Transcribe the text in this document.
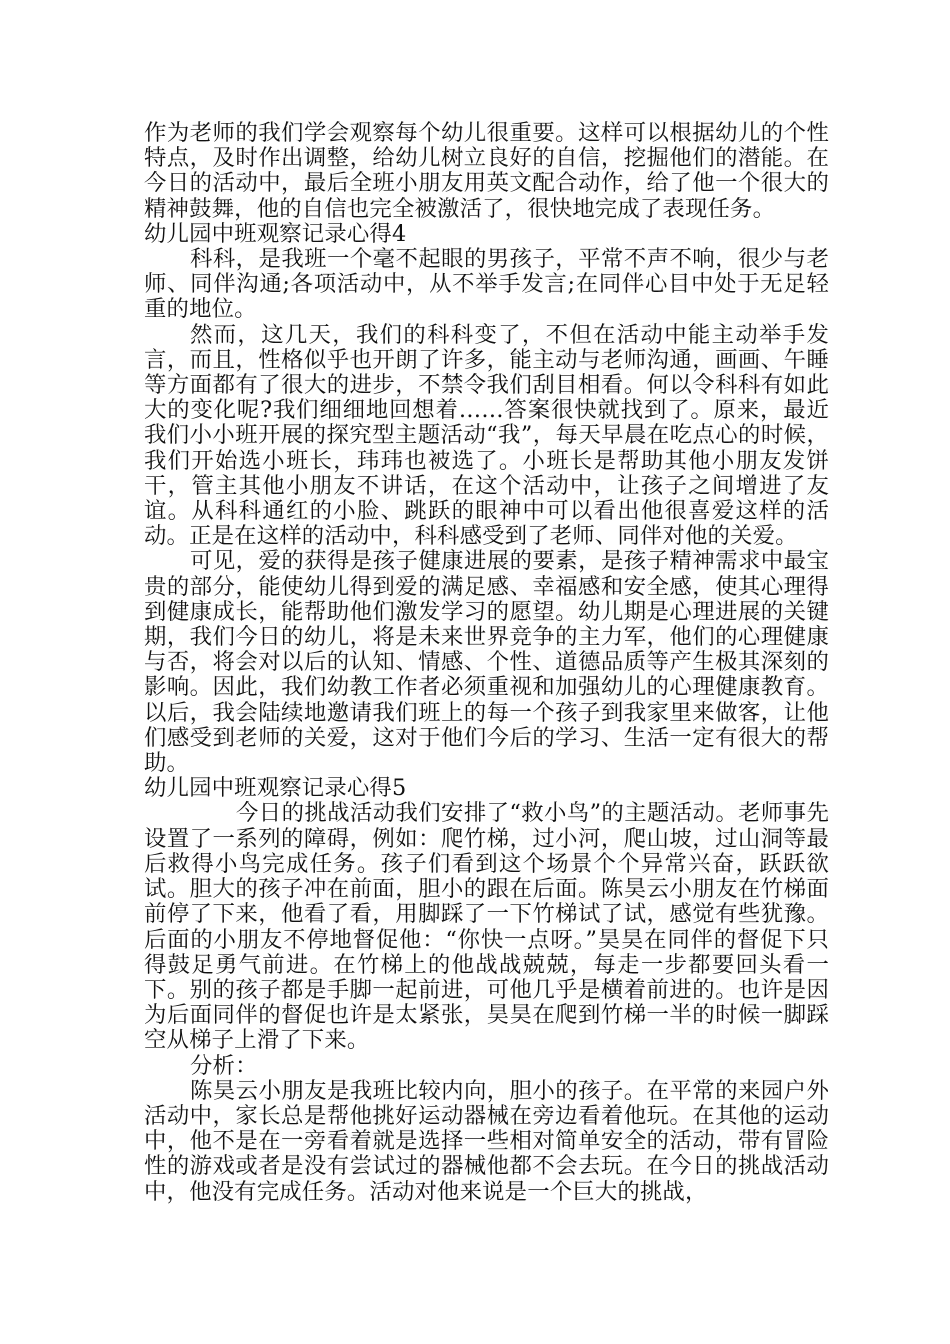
作为老师的我们学会观察每个幼儿很重要。这样可以根据幼儿的个性特点，及时作出调整，给幼儿树立良好的自信，挖掘他们的潜能。在今日的活动中，最后全班小朋友用英文配合动作，给了他一个很大的精神鼓舞，他的自信也完全被激活了，很快地完成了表现任务。

幼儿园中班观察记录心得4

科科，是我班一个毫不起眼的男孩子，平常不声不响，很少与老师、同伴沟通;各项活动中，从不举手发言;在同伴心目中处于无足轻重的地位。

然而，这几天，我们的科科变了，不但在活动中能主动举手发言，而且，性格似乎也开朗了许多，能主动与老师沟通，画画、午睡等方面都有了很大的进步，不禁令我们刮目相看。何以令科科有如此大的变化呢?我们细细地回想着……答案很快就找到了。原来，最近我们小小班开展的探究型主题活动“我”，每天早晨在吃点心的时候，我们开始选小班长，玮玮也被选了。小班长是帮助其他小朋友发饼干，管主其他小朋友不讲话，在这个活动中，让孩子之间增进了友谊。从科科通红的小脸、跳跃的眼神中可以看出他很喜爱这样的活动。正是在这样的活动中，科科感受到了老师、同伴对他的关爱。

可见，爱的获得是孩子健康进展的要素，是孩子精神需求中最宝贵的部分，能使幼儿得到爱的满足感、幸福感和安全感，使其心理得到健康成长，能帮助他们激发学习的愿望。幼儿期是心理进展的关键期，我们今日的幼儿，将是未来世界竞争的主力军，他们的心理健康与否，将会对以后的认知、情感、个性、道德品质等产生极其深刻的影响。因此，我们幼教工作者必须重视和加强幼儿的心理健康教育。以后，我会陆续地邀请我们班上的每一个孩子到我家里来做客，让他们感受到老师的关爱，这对于他们今后的学习、生活一定有很大的帮助。

幼儿园中班观察记录心得5

今日的挑战活动我们安排了“救小鸟”的主题活动。老师事先设置了一系列的障碍，例如：爬竹梯，过小河，爬山坡，过山洞等最后救得小鸟完成任务。孩子们看到这个场景个个异常兴奋，跃跃欲试。胆大的孩子冲在前面，胆小的跟在后面。陈昊云小朋友在竹梯面前停了下来，他看了看，用脚踩了一下竹梯试了试，感觉有些犹豫。后面的小朋友不停地督促他：“你快一点呀。”昊昊在同伴的督促下只得鼓足勇气前进。在竹梯上的他战战兢兢，每走一步都要回头看一下。别的孩子都是手脚一起前进，可他几乎是横着前进的。也许是因为后面同伴的督促也许是太紧张，昊昊在爬到竹梯一半的时候一脚踩空从梯子上滑了下来。

分析：

陈昊云小朋友是我班比较内向，胆小的孩子。在平常的来园户外活动中，家长总是帮他挑好运动器械在旁边看着他玩。在其他的运动中，他不是在一旁看着就是选择一些相对简单安全的活动，带有冒险性的游戏或者是没有尝试过的器械他都不会去玩。在今日的挑战活动中，他没有完成任务。活动对他来说是一个巨大的挑战，
